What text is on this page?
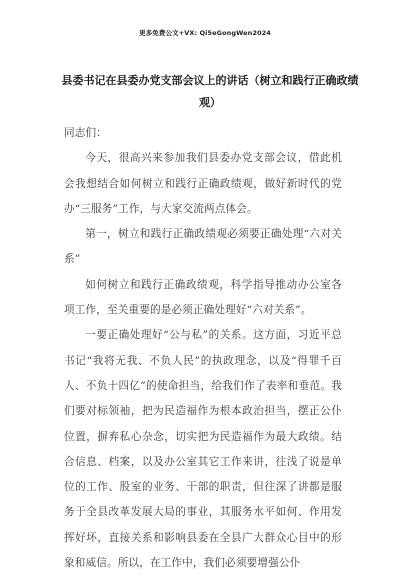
更多免费公文+VX: Qi5eGongWen2024
县委书记在县委办党支部会议上的讲话（树立和践行正确政绩观）

同志们：

今天，很高兴来参加我们县委办党支部会议，借此机会我想结合如何树立和践行正确政绩观，做好新时代的党办“三服务”工作，与大家交流两点体会。

第一，树立和践行正确政绩观必须要正确处理“六对关系”

如何树立和践行正确政绩观，科学指导推动办公室各项工作，至关重要的是必须正确处理好“六对关系”。

一要正确处理好“公与私”的关系。这方面，习近平总书记“我将无我、不负人民”的执政理念，以及“得罪千百人、不负十四亿”的使命担当，给我们作了表率和垂范。我们要对标领袖，把为民造福作为根本政治担当，摆正公仆位置，摒弃私心杂念，切实把为民造福作为最大政绩。结合信息、档案，以及办公室其它工作来讲，往浅了说是单位的工作、股室的业务、干部的职责，但往深了讲都是服务于全县改革发展大局的事业，其服务水平如何、作用发挥好坏，直接关系和影响县委在全县广大群众心目中的形象和威信。所以，在工作中，我们必须要增强公仆
